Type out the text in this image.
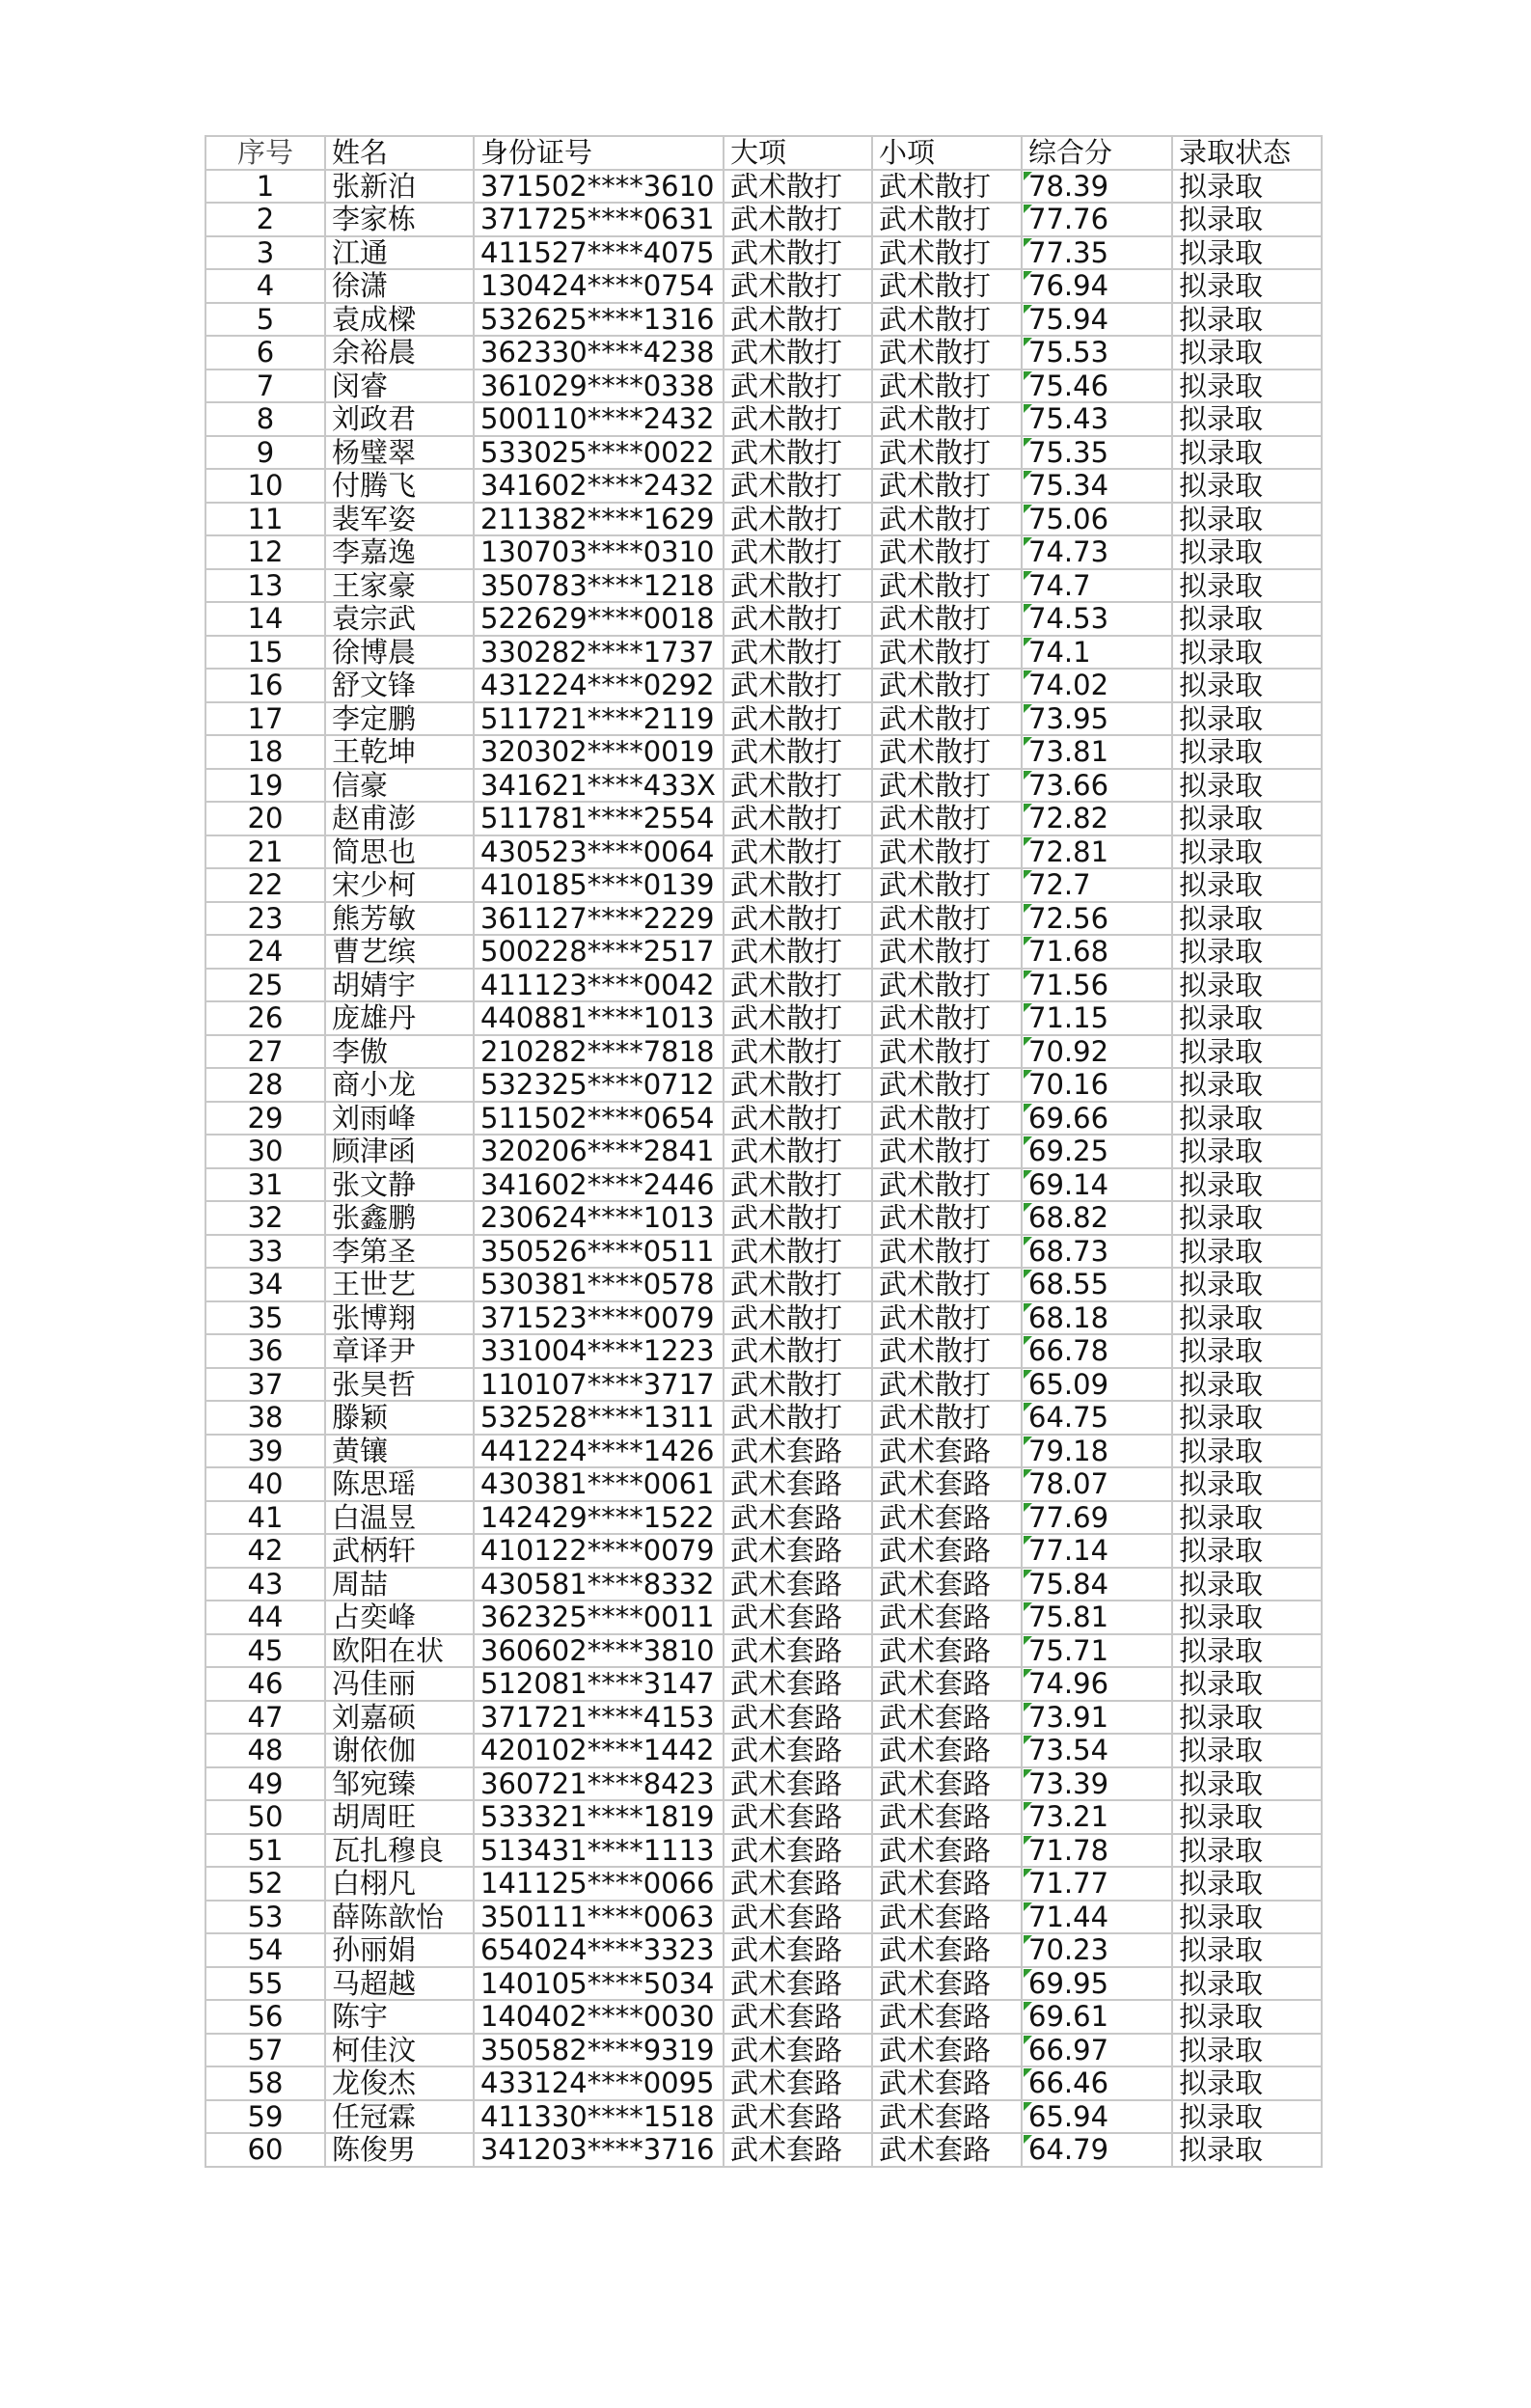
序号	姓名	身份证号	大项	小项	综合分	录取状态
1	张新泊	371502****3610	武术散打	武术散打	78.39	拟录取
2	李家栋	371725****0631	武术散打	武术散打	77.76	拟录取
3	江通	411527****4075	武术散打	武术散打	77.35	拟录取
4	徐潇	130424****0754	武术散打	武术散打	76.94	拟录取
5	袁成樑	532625****1316	武术散打	武术散打	75.94	拟录取
6	余裕晨	362330****4238	武术散打	武术散打	75.53	拟录取
7	闵睿	361029****0338	武术散打	武术散打	75.46	拟录取
8	刘政君	500110****2432	武术散打	武术散打	75.43	拟录取
9	杨璧翠	533025****0022	武术散打	武术散打	75.35	拟录取
10	付腾飞	341602****2432	武术散打	武术散打	75.34	拟录取
11	裴军姿	211382****1629	武术散打	武术散打	75.06	拟录取
12	李嘉逸	130703****0310	武术散打	武术散打	74.73	拟录取
13	王家豪	350783****1218	武术散打	武术散打	74.7	拟录取
14	袁宗武	522629****0018	武术散打	武术散打	74.53	拟录取
15	徐博晨	330282****1737	武术散打	武术散打	74.1	拟录取
16	舒文锋	431224****0292	武术散打	武术散打	74.02	拟录取
17	李定鹏	511721****2119	武术散打	武术散打	73.95	拟录取
18	王乾坤	320302****0019	武术散打	武术散打	73.81	拟录取
19	信豪	341621****433X	武术散打	武术散打	73.66	拟录取
20	赵甫澎	511781****2554	武术散打	武术散打	72.82	拟录取
21	简思也	430523****0064	武术散打	武术散打	72.81	拟录取
22	宋少柯	410185****0139	武术散打	武术散打	72.7	拟录取
23	熊芳敏	361127****2229	武术散打	武术散打	72.56	拟录取
24	曹艺缤	500228****2517	武术散打	武术散打	71.68	拟录取
25	胡婧宇	411123****0042	武术散打	武术散打	71.56	拟录取
26	庞雄丹	440881****1013	武术散打	武术散打	71.15	拟录取
27	李傲	210282****7818	武术散打	武术散打	70.92	拟录取
28	商小龙	532325****0712	武术散打	武术散打	70.16	拟录取
29	刘雨峰	511502****0654	武术散打	武术散打	69.66	拟录取
30	顾津函	320206****2841	武术散打	武术散打	69.25	拟录取
31	张文静	341602****2446	武术散打	武术散打	69.14	拟录取
32	张鑫鹏	230624****1013	武术散打	武术散打	68.82	拟录取
33	李第圣	350526****0511	武术散打	武术散打	68.73	拟录取
34	王世艺	530381****0578	武术散打	武术散打	68.55	拟录取
35	张博翔	371523****0079	武术散打	武术散打	68.18	拟录取
36	章译尹	331004****1223	武术散打	武术散打	66.78	拟录取
37	张昊哲	110107****3717	武术散打	武术散打	65.09	拟录取
38	滕颖	532528****1311	武术散打	武术散打	64.75	拟录取
39	黄镶	441224****1426	武术套路	武术套路	79.18	拟录取
40	陈思瑶	430381****0061	武术套路	武术套路	78.07	拟录取
41	白温昱	142429****1522	武术套路	武术套路	77.69	拟录取
42	武柄轩	410122****0079	武术套路	武术套路	77.14	拟录取
43	周喆	430581****8332	武术套路	武术套路	75.84	拟录取
44	占奕峰	362325****0011	武术套路	武术套路	75.81	拟录取
45	欧阳在状	360602****3810	武术套路	武术套路	75.71	拟录取
46	冯佳丽	512081****3147	武术套路	武术套路	74.96	拟录取
47	刘嘉硕	371721****4153	武术套路	武术套路	73.91	拟录取
48	谢依伽	420102****1442	武术套路	武术套路	73.54	拟录取
49	邹宛臻	360721****8423	武术套路	武术套路	73.39	拟录取
50	胡周旺	533321****1819	武术套路	武术套路	73.21	拟录取
51	瓦扎穆良	513431****1113	武术套路	武术套路	71.78	拟录取
52	白栩凡	141125****0066	武术套路	武术套路	71.77	拟录取
53	薛陈歆怡	350111****0063	武术套路	武术套路	71.44	拟录取
54	孙丽娟	654024****3323	武术套路	武术套路	70.23	拟录取
55	马超越	140105****5034	武术套路	武术套路	69.95	拟录取
56	陈宇	140402****0030	武术套路	武术套路	69.61	拟录取
57	柯佳汶	350582****9319	武术套路	武术套路	66.97	拟录取
58	龙俊杰	433124****0095	武术套路	武术套路	66.46	拟录取
59	任冠霖	411330****1518	武术套路	武术套路	65.94	拟录取
60	陈俊男	341203****3716	武术套路	武术套路	64.79	拟录取
